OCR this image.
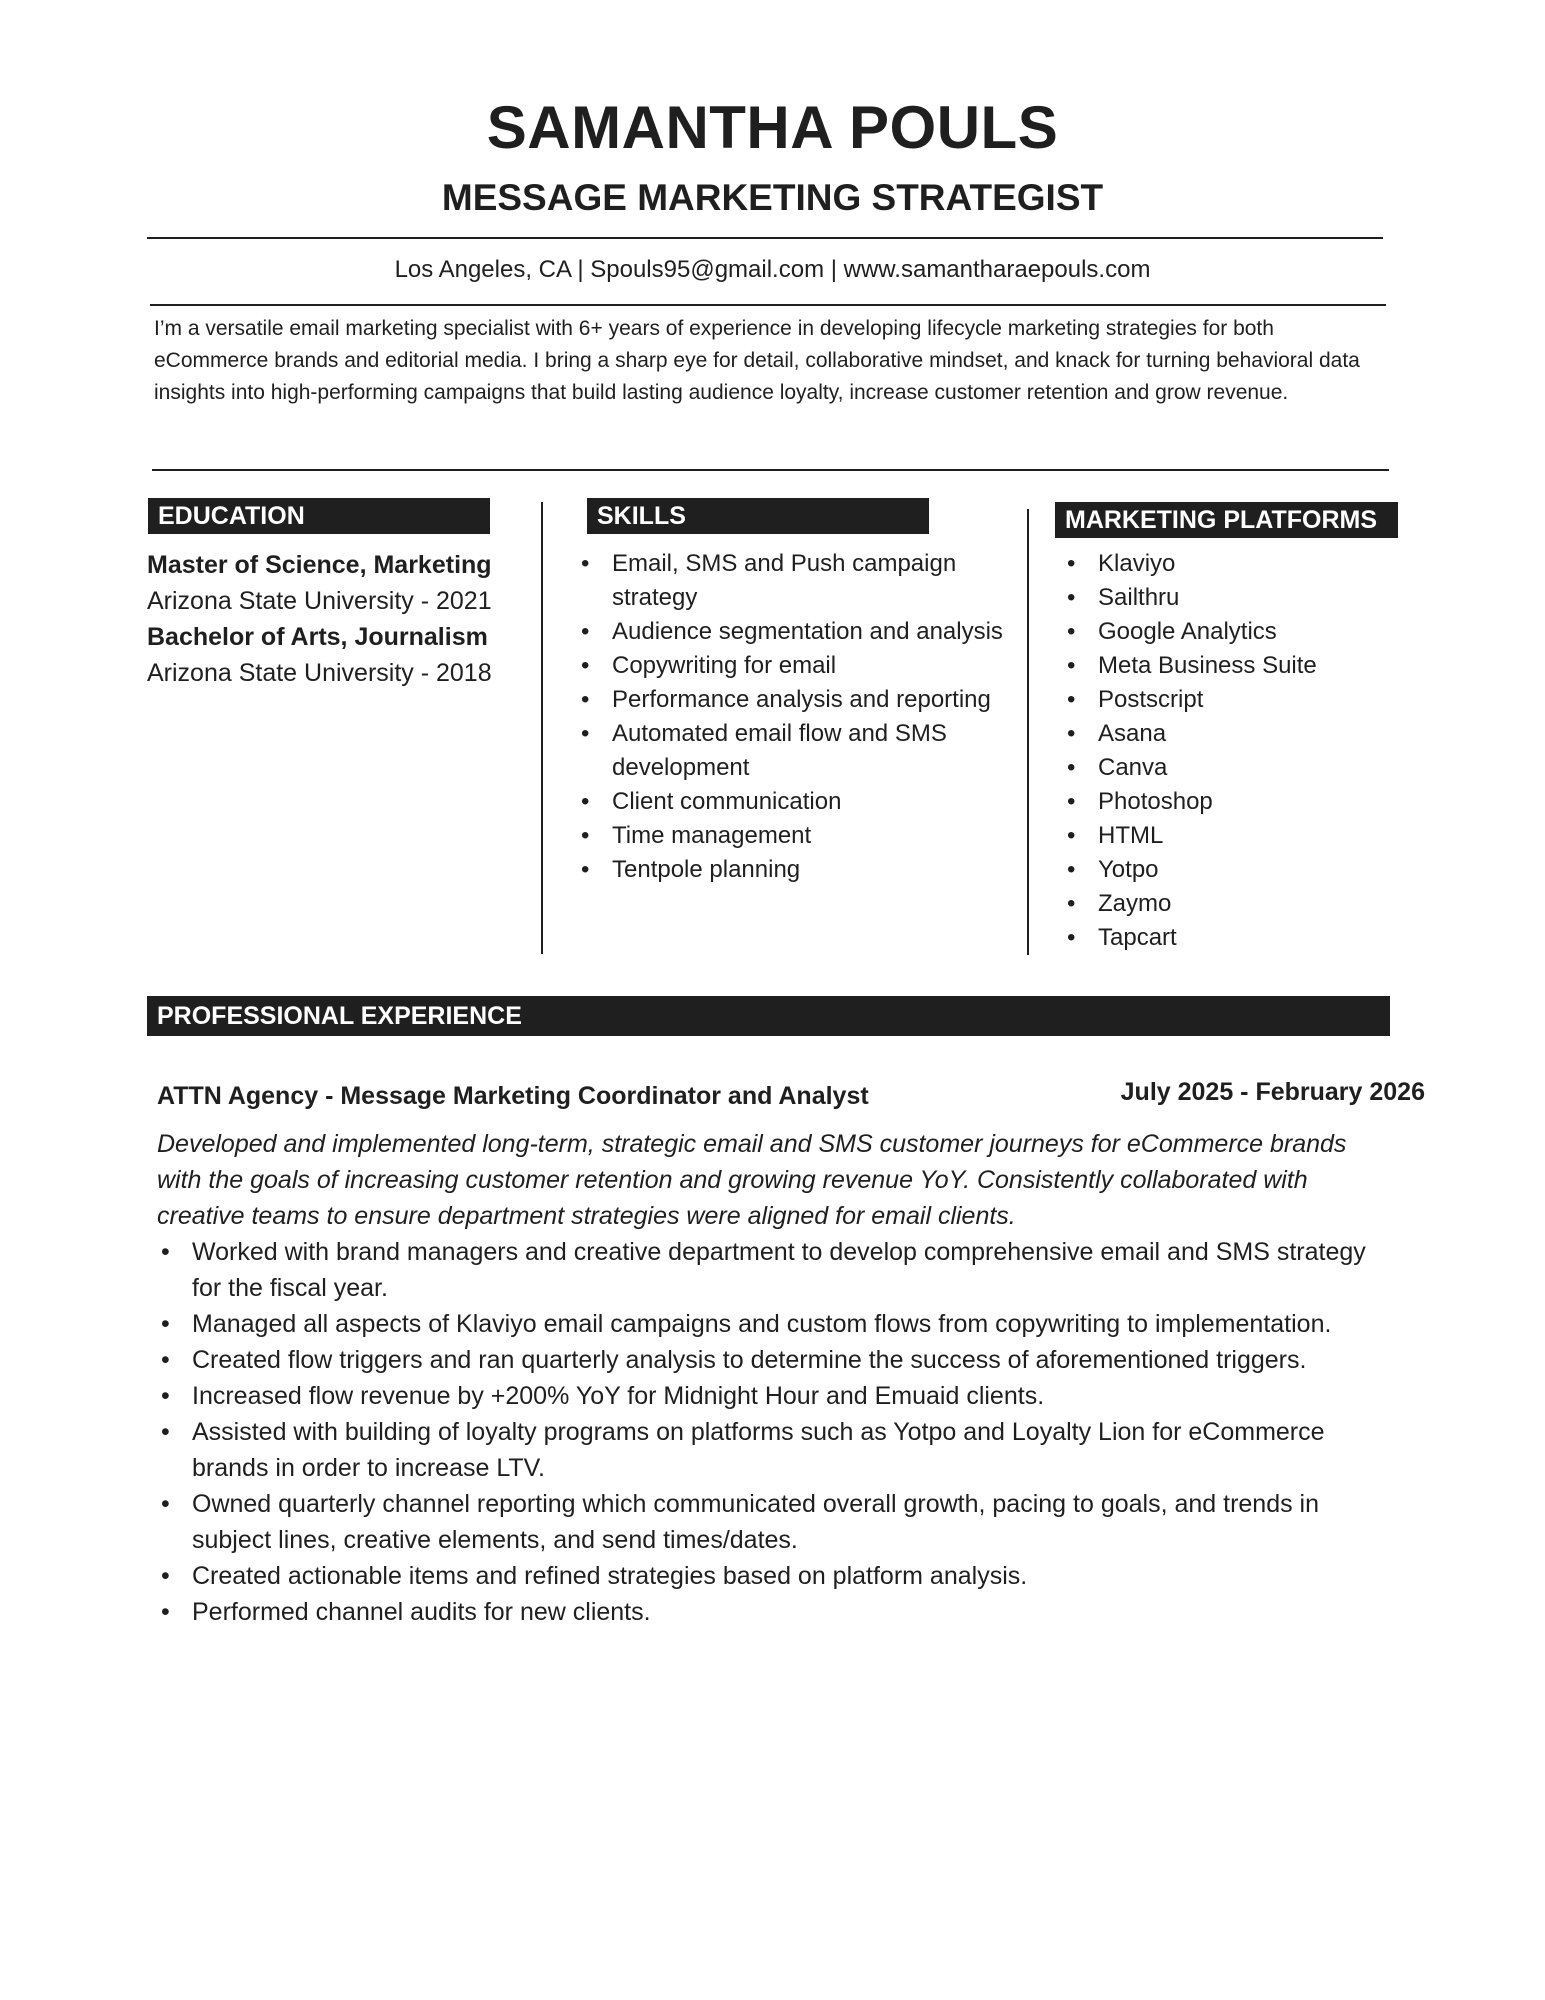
SAMANTHA POULS
MESSAGE MARKETING STRATEGIST
Los Angeles, CA | Spouls95@gmail.com | www.samantharaepouls.com
I’m a versatile email marketing specialist with 6+ years of experience in developing lifecycle marketing strategies for both eCommerce brands and editorial media. I bring a sharp eye for detail, collaborative mindset, and knack for turning behavioral data insights into high-performing campaigns that build lasting audience loyalty, increase customer retention and grow revenue.
EDUCATION
Master of Science, Marketing
Arizona State University - 2021
Bachelor of Arts, Journalism
Arizona State University - 2018
SKILLS
• Email, SMS and Push campaign strategy
• Audience segmentation and analysis
• Copywriting for email
• Performance analysis and reporting
• Automated email flow and SMS development
• Client communication
• Time management
• Tentpole planning
MARKETING PLATFORMS
• Klaviyo
• Sailthru
• Google Analytics
• Meta Business Suite
• Postscript
• Asana
• Canva
• Photoshop
• HTML
• Yotpo
• Zaymo
• Tapcart
PROFESSIONAL EXPERIENCE
ATTN Agency - Message Marketing Coordinator and Analyst	July 2025 - February 2026
Developed and implemented long-term, strategic email and SMS customer journeys for eCommerce brands with the goals of increasing customer retention and growing revenue YoY. Consistently collaborated with creative teams to ensure department strategies were aligned for email clients.
• Worked with brand managers and creative department to develop comprehensive email and SMS strategy for the fiscal year.
• Managed all aspects of Klaviyo email campaigns and custom flows from copywriting to implementation.
• Created flow triggers and ran quarterly analysis to determine the success of aforementioned triggers.
• Increased flow revenue by +200% YoY for Midnight Hour and Emuaid clients.
• Assisted with building of loyalty programs on platforms such as Yotpo and Loyalty Lion for eCommerce brands in order to increase LTV.
• Owned quarterly channel reporting which communicated overall growth, pacing to goals, and trends in subject lines, creative elements, and send times/dates.
• Created actionable items and refined strategies based on platform analysis.
• Performed channel audits for new clients.
